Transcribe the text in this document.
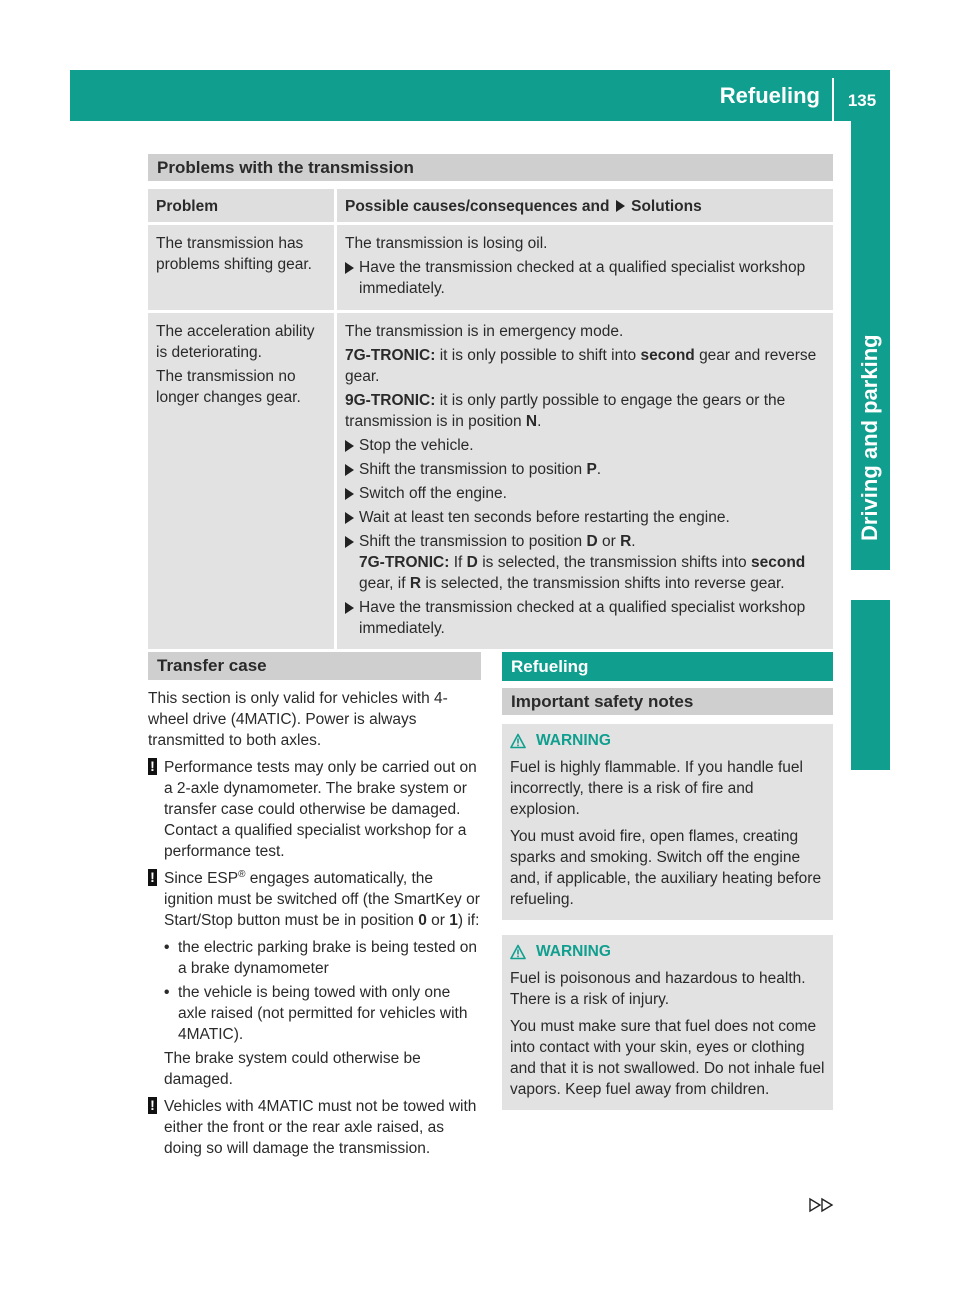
Refueling	135
Driving and parking
Problems with the transmission
Problem	Possible causes/consequences and Solutions
The transmission has problems shifting gear.
The transmission is losing oil.
Have the transmission checked at a qualified specialist workshop immediately.
The acceleration ability is deteriorating.
The transmission no longer changes gear.
The transmission is in emergency mode.
7G-TRONIC: it is only possible to shift into second gear and reverse gear.
9G-TRONIC: it is only partly possible to engage the gears or the transmission is in position N.
Stop the vehicle.
Shift the transmission to position P.
Switch off the engine.
Wait at least ten seconds before restarting the engine.
Shift the transmission to position D or R.
7G-TRONIC: If D is selected, the transmission shifts into second gear, if R is selected, the transmission shifts into reverse gear.
Have the transmission checked at a qualified specialist workshop immediately.
Transfer case
This section is only valid for vehicles with 4-wheel drive (4MATIC). Power is always transmitted to both axles.
! Performance tests may only be carried out on a 2-axle dynamometer. The brake system or transfer case could otherwise be damaged. Contact a qualified specialist workshop for a performance test.
! Since ESP® engages automatically, the ignition must be switched off (the SmartKey or Start/Stop button must be in position 0 or 1) if:
• the electric parking brake is being tested on a brake dynamometer
• the vehicle is being towed with only one axle raised (not permitted for vehicles with 4MATIC).
The brake system could otherwise be damaged.
! Vehicles with 4MATIC must not be towed with either the front or the rear axle raised, as doing so will damage the transmission.
Refueling
Important safety notes
WARNING
Fuel is highly flammable. If you handle fuel incorrectly, there is a risk of fire and explosion.
You must avoid fire, open flames, creating sparks and smoking. Switch off the engine and, if applicable, the auxiliary heating before refueling.
WARNING
Fuel is poisonous and hazardous to health. There is a risk of injury.
You must make sure that fuel does not come into contact with your skin, eyes or clothing and that it is not swallowed. Do not inhale fuel vapors. Keep fuel away from children.
